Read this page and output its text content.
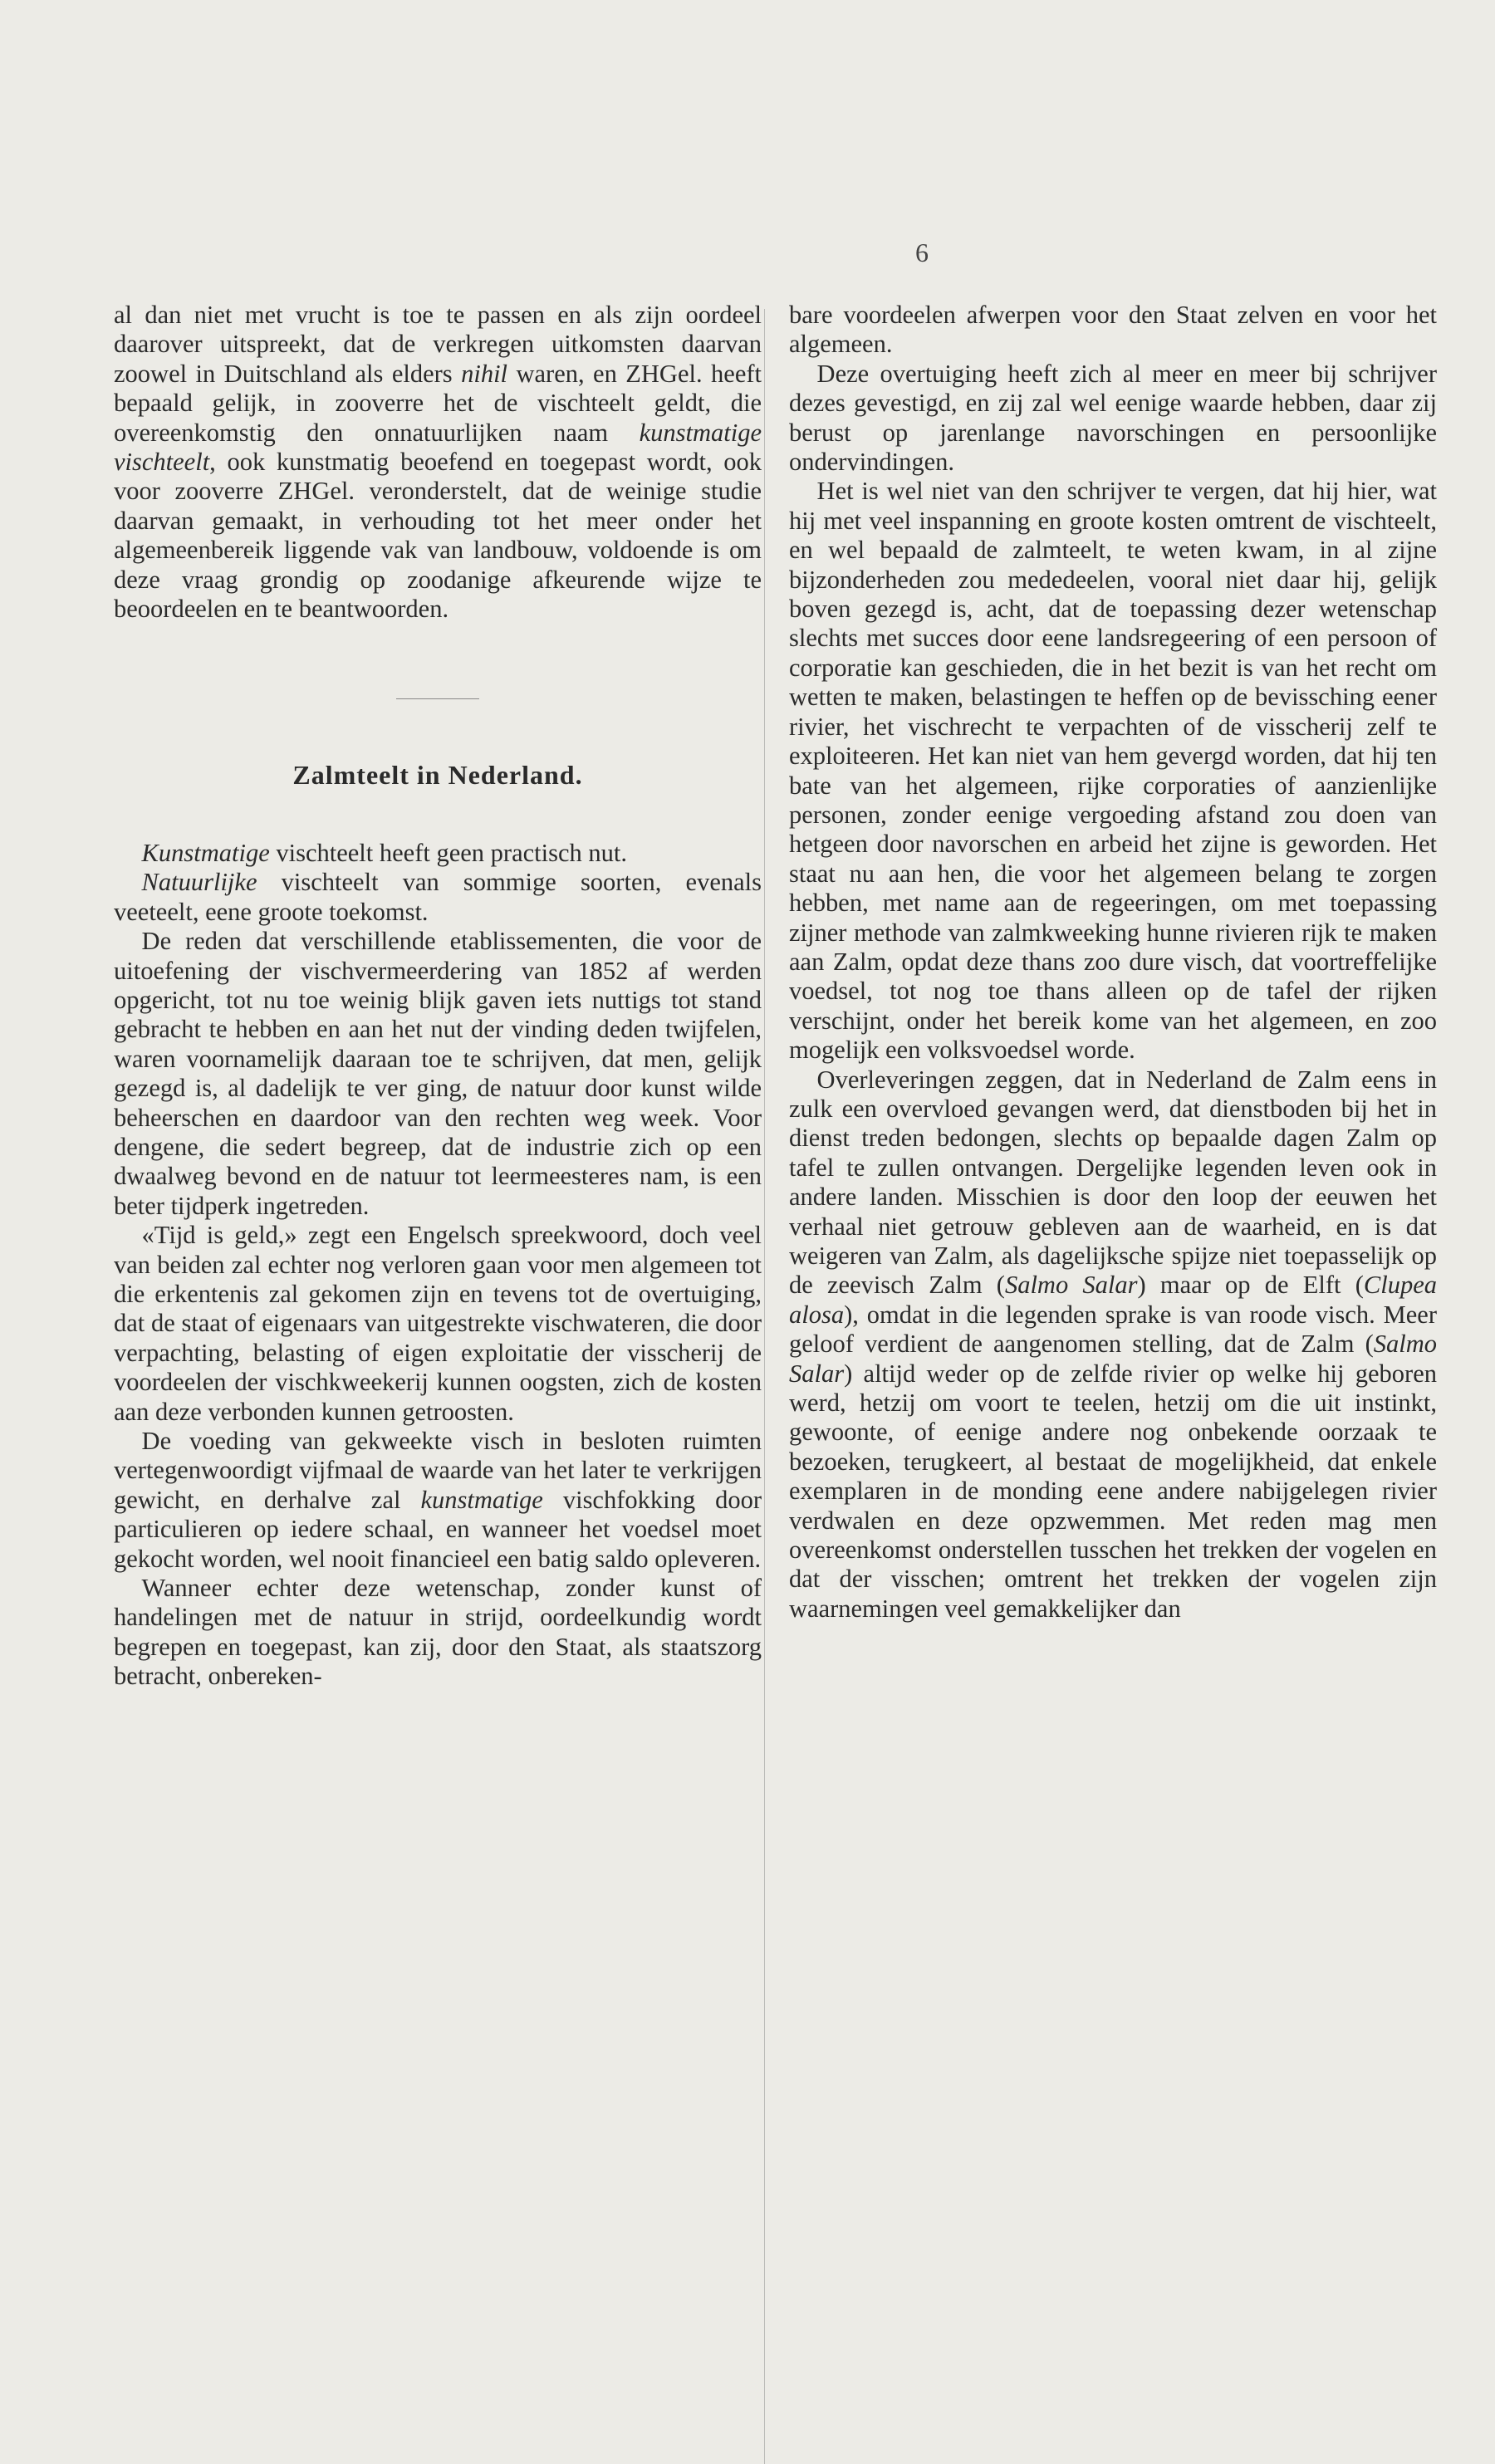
6

al dan niet met vrucht is toe te passen en als zijn oordeel daarover uitspreekt, dat de verkregen uitkomsten daarvan zoowel in Duitschland als elders nihil waren, en ZHGel. heeft bepaald gelijk, in zooverre het de vischteelt geldt, die overeenkomstig den onnatuurlijken naam kunstmatige vischteelt, ook kunstmatig beoefend en toegepast wordt, ook voor zooverre ZHGel. veronderstelt, dat de weinige studie daarvan gemaakt, in verhouding tot het meer onder het algemeenbereik liggende vak van landbouw, voldoende is om deze vraag grondig op zoodanige afkeurende wijze te beoordeelen en te beantwoorden.

Zalmteelt in Nederland.

Kunstmatige vischteelt heeft geen practisch nut.

Natuurlijke vischteelt van sommige soorten, evenals veeteelt, eene groote toekomst.

De reden dat verschillende etablissementen, die voor de uitoefening der vischvermeerdering van 1852 af werden opgericht, tot nu toe weinig blijk gaven iets nuttigs tot stand gebracht te hebben en aan het nut der vinding deden twijfelen, waren voornamelijk daaraan toe te schrijven, dat men, gelijk gezegd is, al dadelijk te ver ging, de natuur door kunst wilde beheerschen en daardoor van den rechten weg week. Voor dengene, die sedert begreep, dat de industrie zich op een dwaalweg bevond en de natuur tot leermeesteres nam, is een beter tijdperk ingetreden.

«Tijd is geld,» zegt een Engelsch spreekwoord, doch veel van beiden zal echter nog verloren gaan voor men algemeen tot die erkentenis zal gekomen zijn en tevens tot de overtuiging, dat de staat of eigenaars van uitgestrekte vischwateren, die door verpachting, belasting of eigen exploitatie der visscherij de voordeelen der vischkweekerij kunnen oogsten, zich de kosten aan deze verbonden kunnen getroosten.

De voeding van gekweekte visch in besloten ruimten vertegenwoordigt vijfmaal de waarde van het later te verkrijgen gewicht, en derhalve zal kunstmatige vischfokking door particulieren op iedere schaal, en wanneer het voedsel moet gekocht worden, wel nooit financieel een batig saldo opleveren.

Wanneer echter deze wetenschap, zonder kunst of handelingen met de natuur in strijd, oordeelkundig wordt begrepen en toegepast, kan zij, door den Staat, als staatszorg betracht, onbereken-

bare voordeelen afwerpen voor den Staat zelven en voor het algemeen.

Deze overtuiging heeft zich al meer en meer bij schrijver dezes gevestigd, en zij zal wel eenige waarde hebben, daar zij berust op jarenlange navorschingen en persoonlijke ondervindingen.

Het is wel niet van den schrijver te vergen, dat hij hier, wat hij met veel inspanning en groote kosten omtrent de vischteelt, en wel bepaald de zalmteelt, te weten kwam, in al zijne bijzonderheden zou mededeelen, vooral niet daar hij, gelijk boven gezegd is, acht, dat de toepassing dezer wetenschap slechts met succes door eene landsregeering of een persoon of corporatie kan geschieden, die in het bezit is van het recht om wetten te maken, belastingen te heffen op de bevissching eener rivier, het vischrecht te verpachten of de visscherij zelf te exploiteeren. Het kan niet van hem gevergd worden, dat hij ten bate van het algemeen, rijke corporaties of aanzienlijke personen, zonder eenige vergoeding afstand zou doen van hetgeen door navorschen en arbeid het zijne is geworden. Het staat nu aan hen, die voor het algemeen belang te zorgen hebben, met name aan de regeeringen, om met toepassing zijner methode van zalmkweeking hunne rivieren rijk te maken aan Zalm, opdat deze thans zoo dure visch, dat voortreffelijke voedsel, tot nog toe thans alleen op de tafel der rijken verschijnt, onder het bereik kome van het algemeen, en zoo mogelijk een volksvoedsel worde.

Overleveringen zeggen, dat in Nederland de Zalm eens in zulk een overvloed gevangen werd, dat dienstboden bij het in dienst treden bedongen, slechts op bepaalde dagen Zalm op tafel te zullen ontvangen. Dergelijke legenden leven ook in andere landen. Misschien is door den loop der eeuwen het verhaal niet getrouw gebleven aan de waarheid, en is dat weigeren van Zalm, als dagelijksche spijze niet toepasselijk op de zeevisch Zalm (Salmo Salar) maar op de Elft (Clupea alosa), omdat in die legenden sprake is van roode visch. Meer geloof verdient de aangenomen stelling, dat de Zalm (Salmo Salar) altijd weder op de zelfde rivier op welke hij geboren werd, hetzij om voort te teelen, hetzij om die uit instinkt, gewoonte, of eenige andere nog onbekende oorzaak te bezoeken, terugkeert, al bestaat de mogelijkheid, dat enkele exemplaren in de monding eene andere nabijgelegen rivier verdwalen en deze opzwemmen. Met reden mag men overeenkomst onderstellen tusschen het trekken der vogelen en dat der visschen; omtrent het trekken der vogelen zijn waarnemingen veel gemakkelijker dan
